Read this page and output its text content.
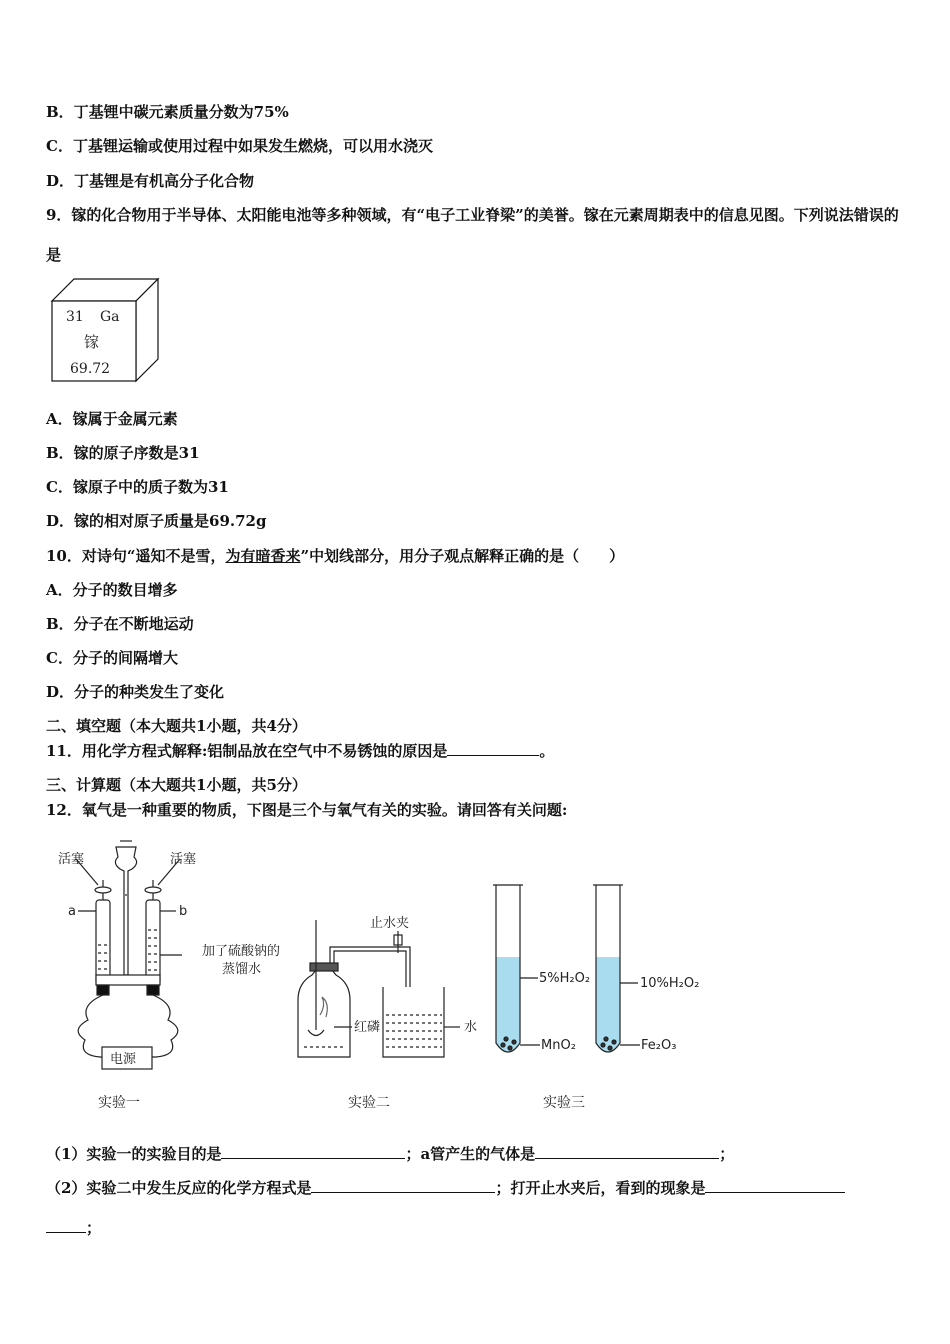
B．丁基锂中碳元素质量分数为75%
C．丁基锂运输或使用过程中如果发生燃烧，可以用水浇灭
D．丁基锂是有机高分子化合物
9．镓的化合物用于半导体、太阳能电池等多种领域，有“电子工业脊梁”的美誉。镓在元素周期表中的信息见图。下列说法错误的是
31 Ga
镓
69.72
A．镓属于金属元素
B．镓的原子序数是31
C．镓原子中的质子数为31
D．镓的相对原子质量是69.72g
10．对诗句“遥知不是雪，为有暗香来”中划线部分，用分子观点解释正确的是（　　）
A．分子的数目增多
B．分子在不断地运动
C．分子的间隔增大
D．分子的种类发生了变化
二、填空题（本大题共1小题，共4分）
11．用化学方程式解释:铝制品放在空气中不易锈蚀的原因是	。
三、计算题（本大题共1小题，共5分）
12．氧气是一种重要的物质，下图是三个与氧气有关的实验。请回答有关问题:
活塞	活塞
a	b
加了硫酸钠的
蒸馏水
电源
实验一
止水夹
红磷	水
实验二
5%H₂O₂	10%H₂O₂
MnO₂	Fe₂O₃
实验三
（1）实验一的实验目的是	；a管产生的气体是	；
（2）实验二中发生反应的化学方程式是	；打开止水夹后，看到的现象是
；
